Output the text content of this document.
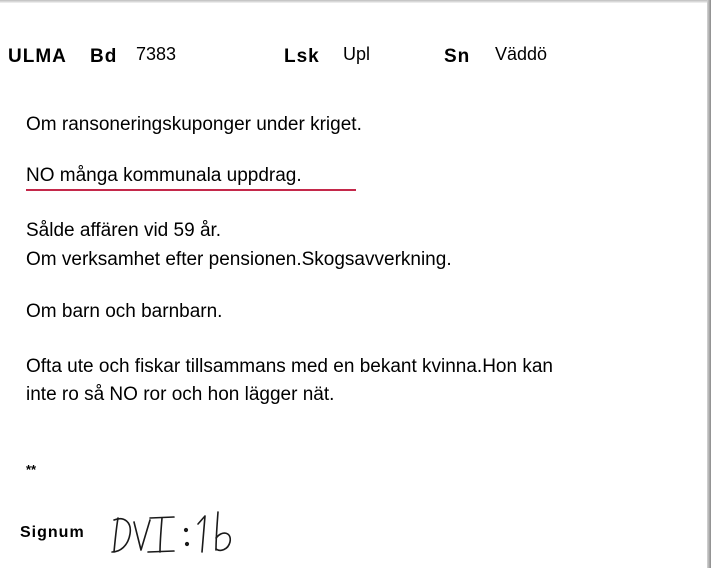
ULMA Bd 7383	Lsk Upl	Sn Väddö
Om ransoneringskuponger under kriget.
NO många kommunala uppdrag.
Sålde affären vid 59 år.
Om verksamhet efter pensionen.Skogsavverkning.
Om barn och barnbarn.
Ofta ute och fiskar tillsammans med en bekant kvinna.Hon kan
inte ro så NO ror och hon lägger nät.
**
Signum
